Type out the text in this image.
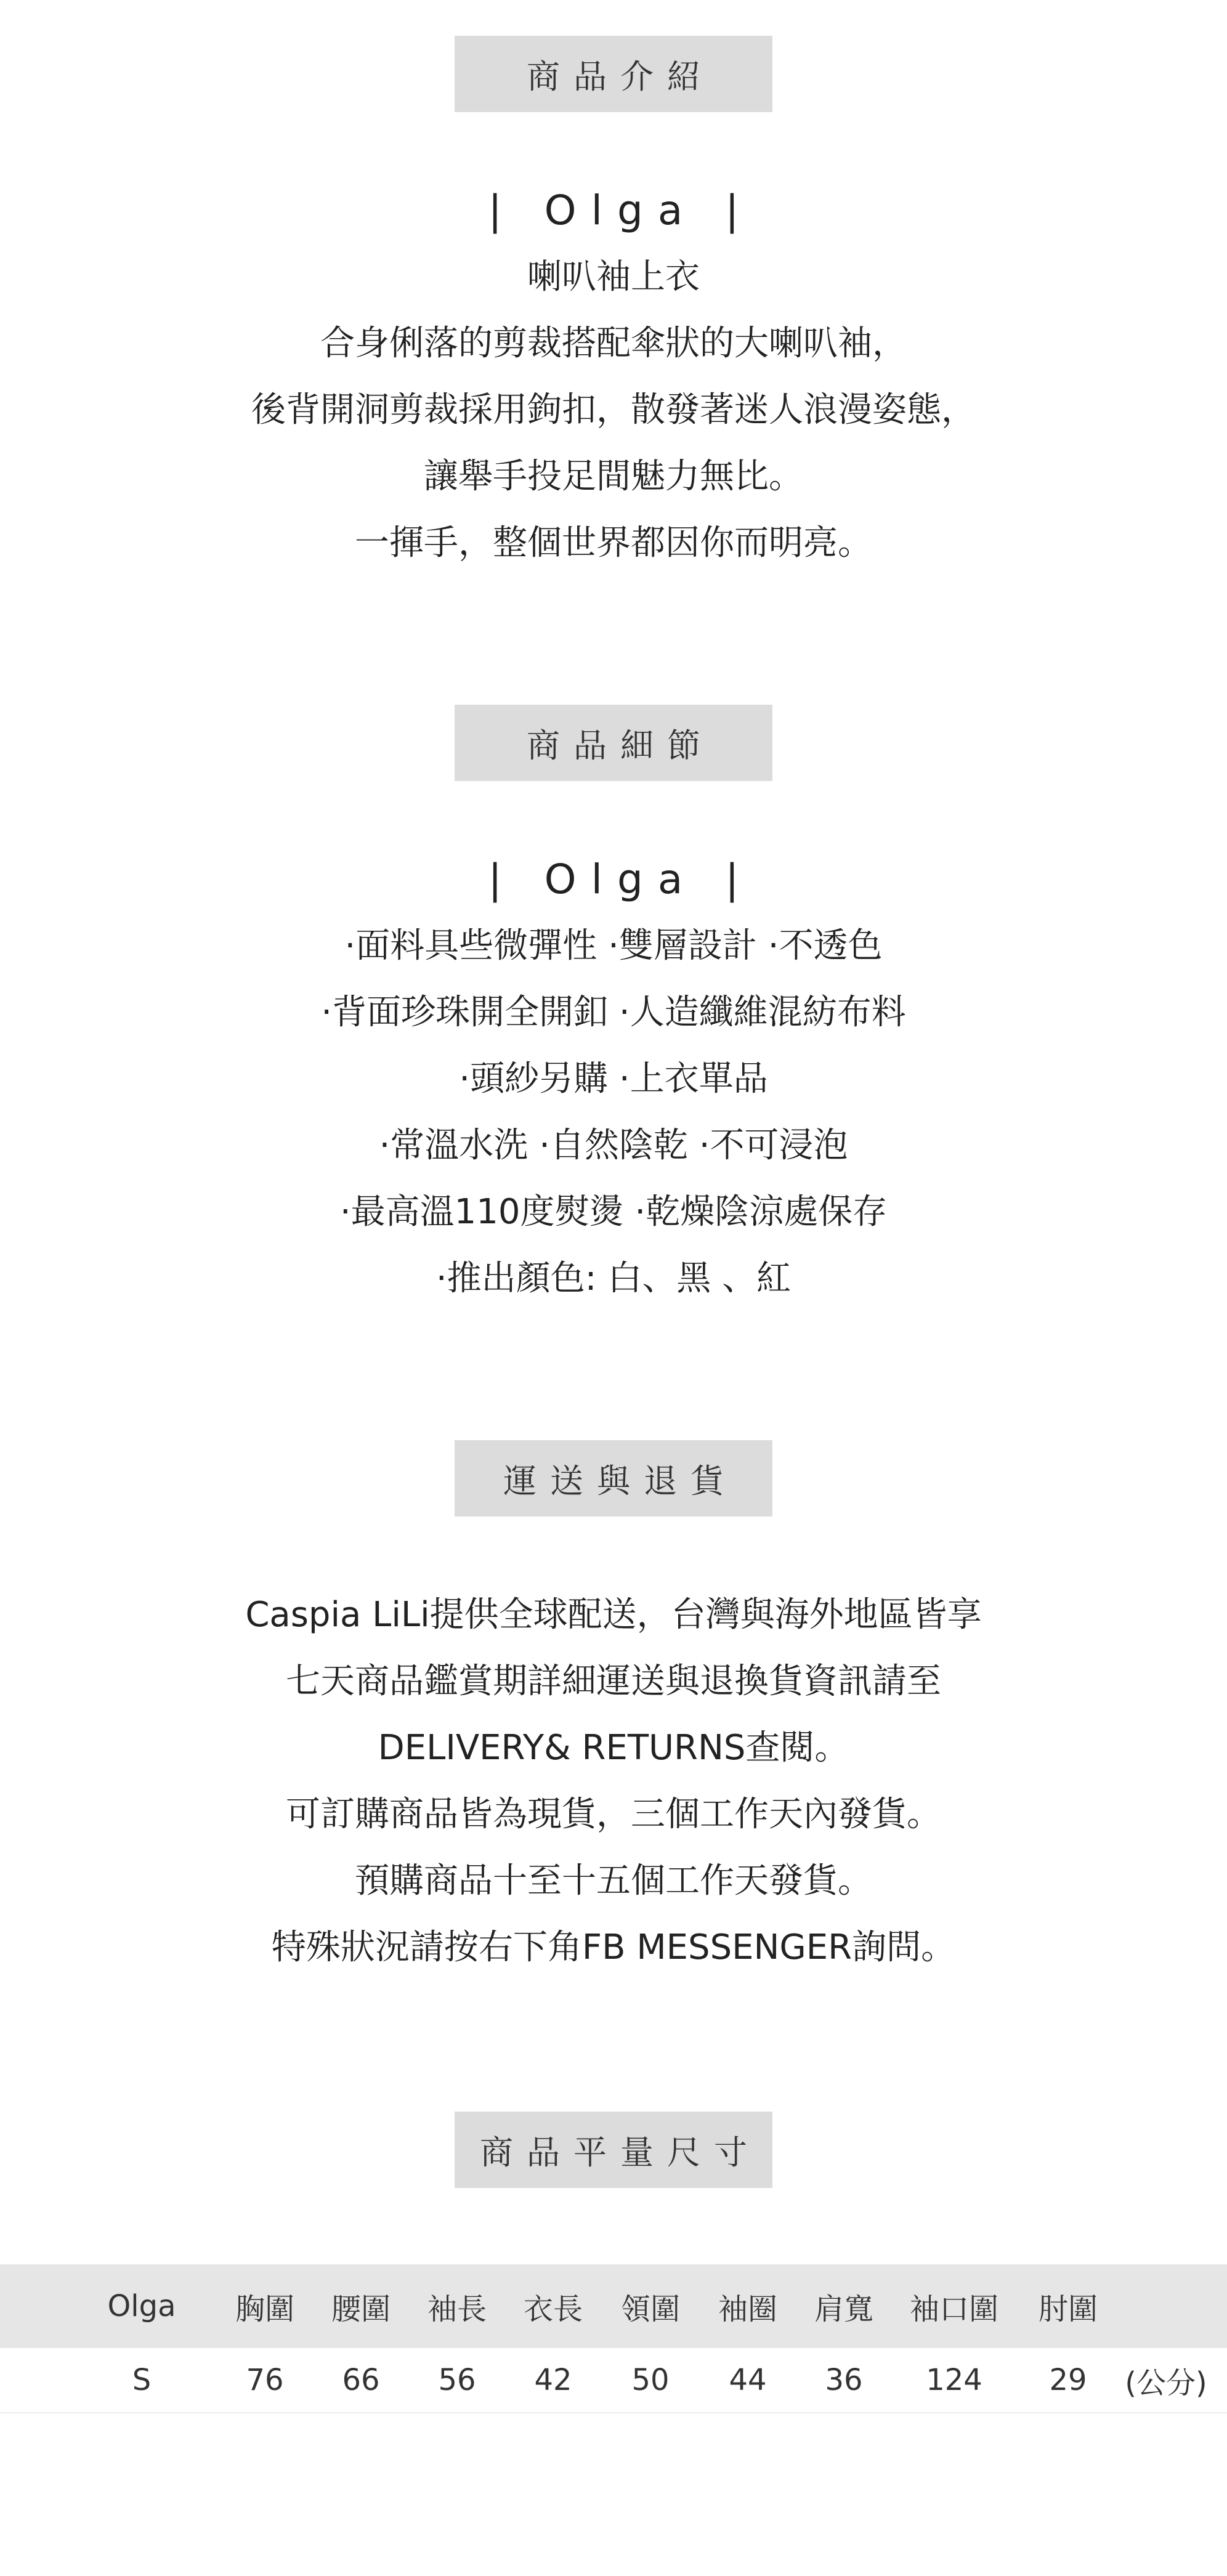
商品介紹
| Olga |
喇叭袖上衣
合身俐落的剪裁搭配傘狀的大喇叭袖，
後背開洞剪裁採用鉤扣，散發著迷人浪漫姿態，
讓舉手投足間魅力無比。
一揮手，整個世界都因你而明亮。
商品細節
| Olga |
·面料具些微彈性 ·雙層設計 ·不透色
·背面珍珠開全開釦 ·人造纖維混紡布料
·頭紗另購 ·上衣單品
·常溫水洗 ·自然陰乾 ·不可浸泡
·最高溫110度熨燙 ·乾燥陰涼處保存
·推出顏色: 白、黑 、紅
運送與退貨
Caspia LiLi提供全球配送，台灣與海外地區皆享
七天商品鑑賞期詳細運送與退換貨資訊請至
DELIVERY& RETURNS查閱。
可訂購商品皆為現貨，三個工作天內發貨。
預購商品十至十五個工作天發貨。
特殊狀況請按右下角FB MESSENGER詢問。
商品平量尺寸
Olga	胸圍 腰圍 袖長 衣長 領圍 袖圈 肩寬 袖口圍 肘圍
S	76	66	56	42	50	44	36	124	29	(公分)
